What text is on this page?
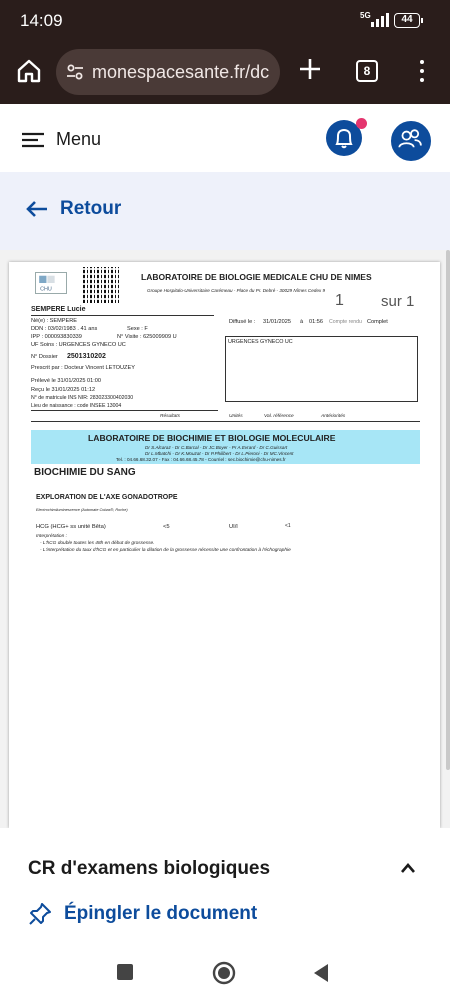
14:09	5G	44
monespacesante.fr/dc	8
Menu
Retour
CHU
LABORATOIRE DE BIOLOGIE MEDICALE CHU DE NIMES
Groupe Hospitalo-Universitaire Carémeau - Place du Pr. Debré - 30029 Nîmes Cedex 9
1 sur 1
SEMPERE Lucie
Né(e) : SEMPERE
DDN : 03/02/1983 . 41 ans	Sexe : F
IPP : 000093830339	N° Visite : 625009909 U
UF Soins : URGENCES GYNECO UC
Diffusé le : 31/01/2025 à 01:56 Compte rendu Complet
URGENCES GYNECO UC
N° Dossier 2501310202
Prescrit par : Docteur Vincent LETOUZEY
Prélevé le 31/01/2025 01:00
Reçu le 31/01/2025 01:12
N° de matricule INS NIR: 283023300402030
Lieu de naissance : code INSEE 13004
Résultats	Unités	Val. référence	Antériorités
LABORATOIRE DE BIOCHIMIE ET BIOLOGIE MOLECULAIRE
Dr S.Alcaraz - Dr C.Barcal - Dr JC.Boyer - Pr A.Evrard - Dr C.Guissart
Dr L.Mbatchi - Dr K.Mouzat - Dr P.Philibert - Dr L.Pieroni - Dr MC.Vincent
Tel. : 04.66.68.32.07 - Fax : 04.66.68.45.78 - Courriel : sec.biochimie@chu-nimes.fr
BIOCHIMIE DU SANG
EXPLORATION DE L'AXE GONADOTROPE
Electrochimiluminescence (Automate Cobas®, Roche)
HCG (HCG+ ss unité Bêta)	<5	UI/l	<1
Interprétation :
- L'hCG double toutes les 48h en début de grossesse.
- L'interprétation du taux d'hCG et en particulier la dilation de la grossesse nécessite une confrontation à l'échographie
CR d'examens biologiques
Épingler le document
